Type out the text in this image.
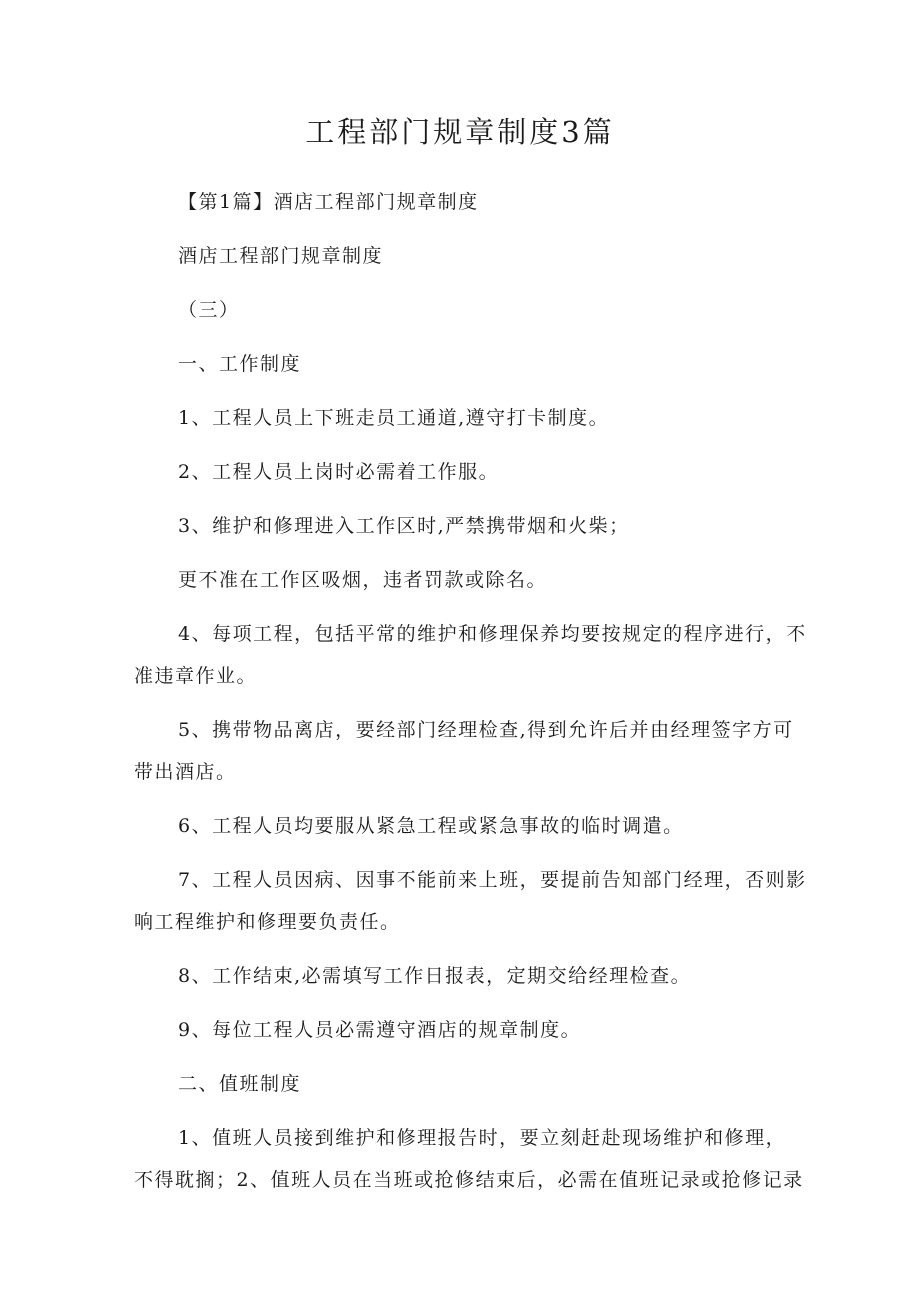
工程部门规章制度3篇
【第1篇】酒店工程部门规章制度
酒店工程部门规章制度
（三）
一、工作制度
1、工程人员上下班走员工通道,遵守打卡制度。
2、工程人员上岗时必需着工作服。
3、维护和修理进入工作区时,严禁携带烟和火柴；
更不准在工作区吸烟，违者罚款或除名。
4、每项工程，包括平常的维护和修理保养均要按规定的程序进行，不
准违章作业。
5、携带物品离店，要经部门经理检查,得到允许后并由经理签字方可
带出酒店。
6、工程人员均要服从紧急工程或紧急事故的临时调遣。
7、工程人员因病、因事不能前来上班，要提前告知部门经理，否则影
响工程维护和修理要负责任。
8、工作结束,必需填写工作日报表，定期交给经理检查。
9、每位工程人员必需遵守酒店的规章制度。
二、值班制度
1、值班人员接到维护和修理报告时，要立刻赶赴现场维护和修理，
不得耽搁；2、值班人员在当班或抢修结束后，必需在值班记录或抢修记录
